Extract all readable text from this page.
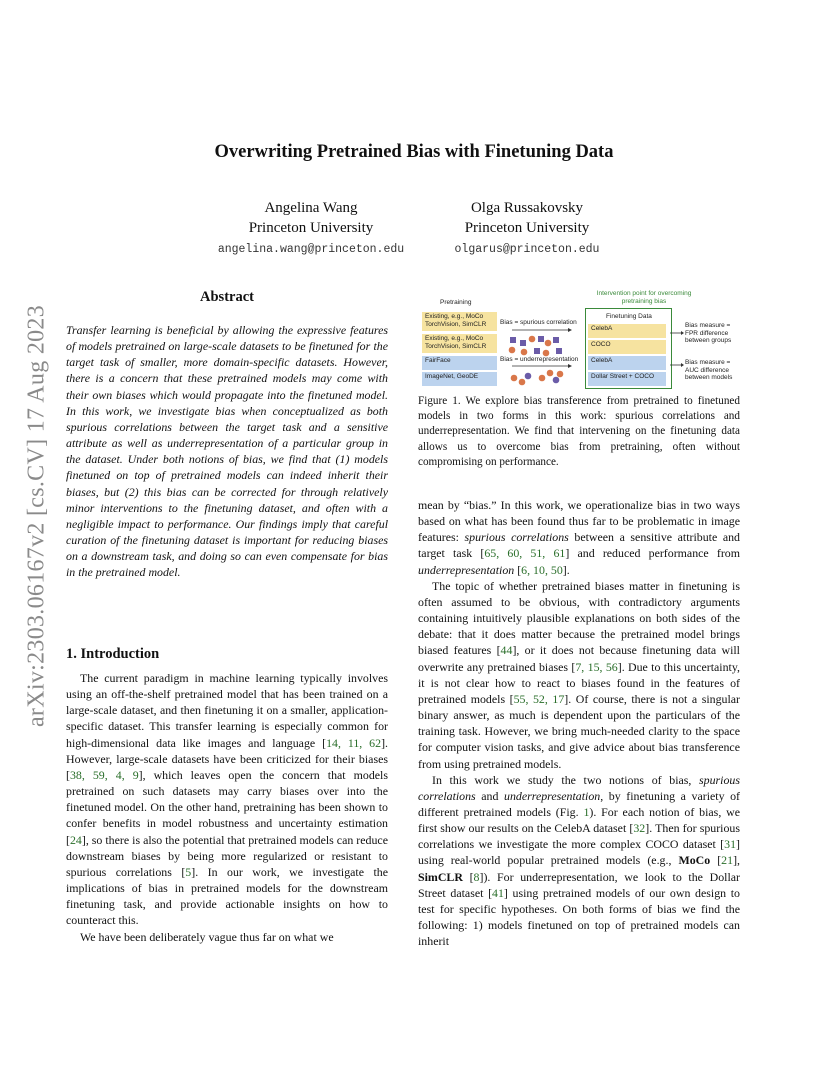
arXiv:2303.06167v2 [cs.CV] 17 Aug 2023
Overwriting Pretrained Bias with Finetuning Data
Angelina Wang
Princeton University
angelina.wang@princeton.edu
Olga Russakovsky
Princeton University
olgarus@princeton.edu
Abstract

Transfer learning is beneficial by allowing the expressive features of models pretrained on large-scale datasets to be finetuned for the target task of smaller, more domain-specific datasets. However, there is a concern that these pretrained models may come with their own biases which would propagate into the finetuned model. In this work, we investigate bias when conceptualized as both spurious correlations between the target task and a sensitive attribute as well as underrepresentation of a particular group in the dataset. Under both notions of bias, we find that (1) models finetuned on top of pretrained models can indeed inherit their biases, but (2) this bias can be corrected for through relatively minor interventions to the finetuning dataset, and often with a negligible impact to performance. Our findings imply that careful curation of the finetuning dataset is important for reducing biases on a downstream task, and doing so can even compensate for bias in the pretrained model.

1. Introduction

The current paradigm in machine learning typically involves using an off-the-shelf pretrained model that has been trained on a large-scale dataset, and then finetuning it on a smaller, application-specific dataset. This transfer learning is especially common for high-dimensional data like images and language [14, 11, 62]. However, large-scale datasets have been criticized for their biases [38, 59, 4, 9], which leaves open the concern that models pretrained on such datasets may carry biases over into the finetuned model. On the other hand, pretraining has been shown to confer benefits in model robustness and uncertainty estimation [24], so there is also the potential that pretrained models can reduce downstream biases by being more regularized or resistant to spurious correlations [5]. In our work, we investigate the implications of bias in pretrained models for the downstream finetuning task, and provide actionable insights on how to counteract this.

We have been deliberately vague thus far on what we

Pretraining
Intervention point for overcoming pretraining bias
Finetuning Data
Existing, e.g., MoCo TorchVision, SimCLR
Existing, e.g., MoCo TorchVision, SimCLR
FairFace
ImageNet, GeoDE
Bias = spurious correlation
Bias = underrepresentation
CelebA
COCO
CelebA
Dollar Street + COCO
Bias measure = FPR difference between groups
Bias measure = AUC difference between models
Figure 1. We explore bias transference from pretrained to finetuned models in two forms in this work: spurious correlations and underrepresentation. We find that intervening on the finetuning data allows us to overcome bias from pretraining, often without compromising on performance.

mean by “bias.” In this work, we operationalize bias in two ways based on what has been found thus far to be problematic in image features: spurious correlations between a sensitive attribute and target task [65, 60, 51, 61] and reduced performance from underrepresentation [6, 10, 50].

The topic of whether pretrained biases matter in finetuning is often assumed to be obvious, with contradictory arguments containing intuitively plausible explanations on both sides of the debate: that it does matter because the pretrained model brings biased features [44], or it does not because finetuning data will overwrite any pretrained biases [7, 15, 56]. Due to this uncertainty, it is not clear how to react to biases found in the features of pretrained models [55, 52, 17]. Of course, there is not a singular binary answer, as much is dependent upon the particulars of the training task. However, we bring much-needed clarity to the space for computer vision tasks, and give advice about bias transference from using pretrained models.

In this work we study the two notions of bias, spurious correlations and underrepresentation, by finetuning a variety of different pretrained models (Fig. 1). For each notion of bias, we first show our results on the CelebA dataset [32]. Then for spurious correlations we investigate the more complex COCO dataset [31] using real-world popular pretrained models (e.g., MoCo [21], SimCLR [8]). For underrepresentation, we look to the Dollar Street dataset [41] using pretrained models of our own design to test for specific hypotheses. On both forms of bias we find the following: 1) models finetuned on top of pretrained models can inherit
